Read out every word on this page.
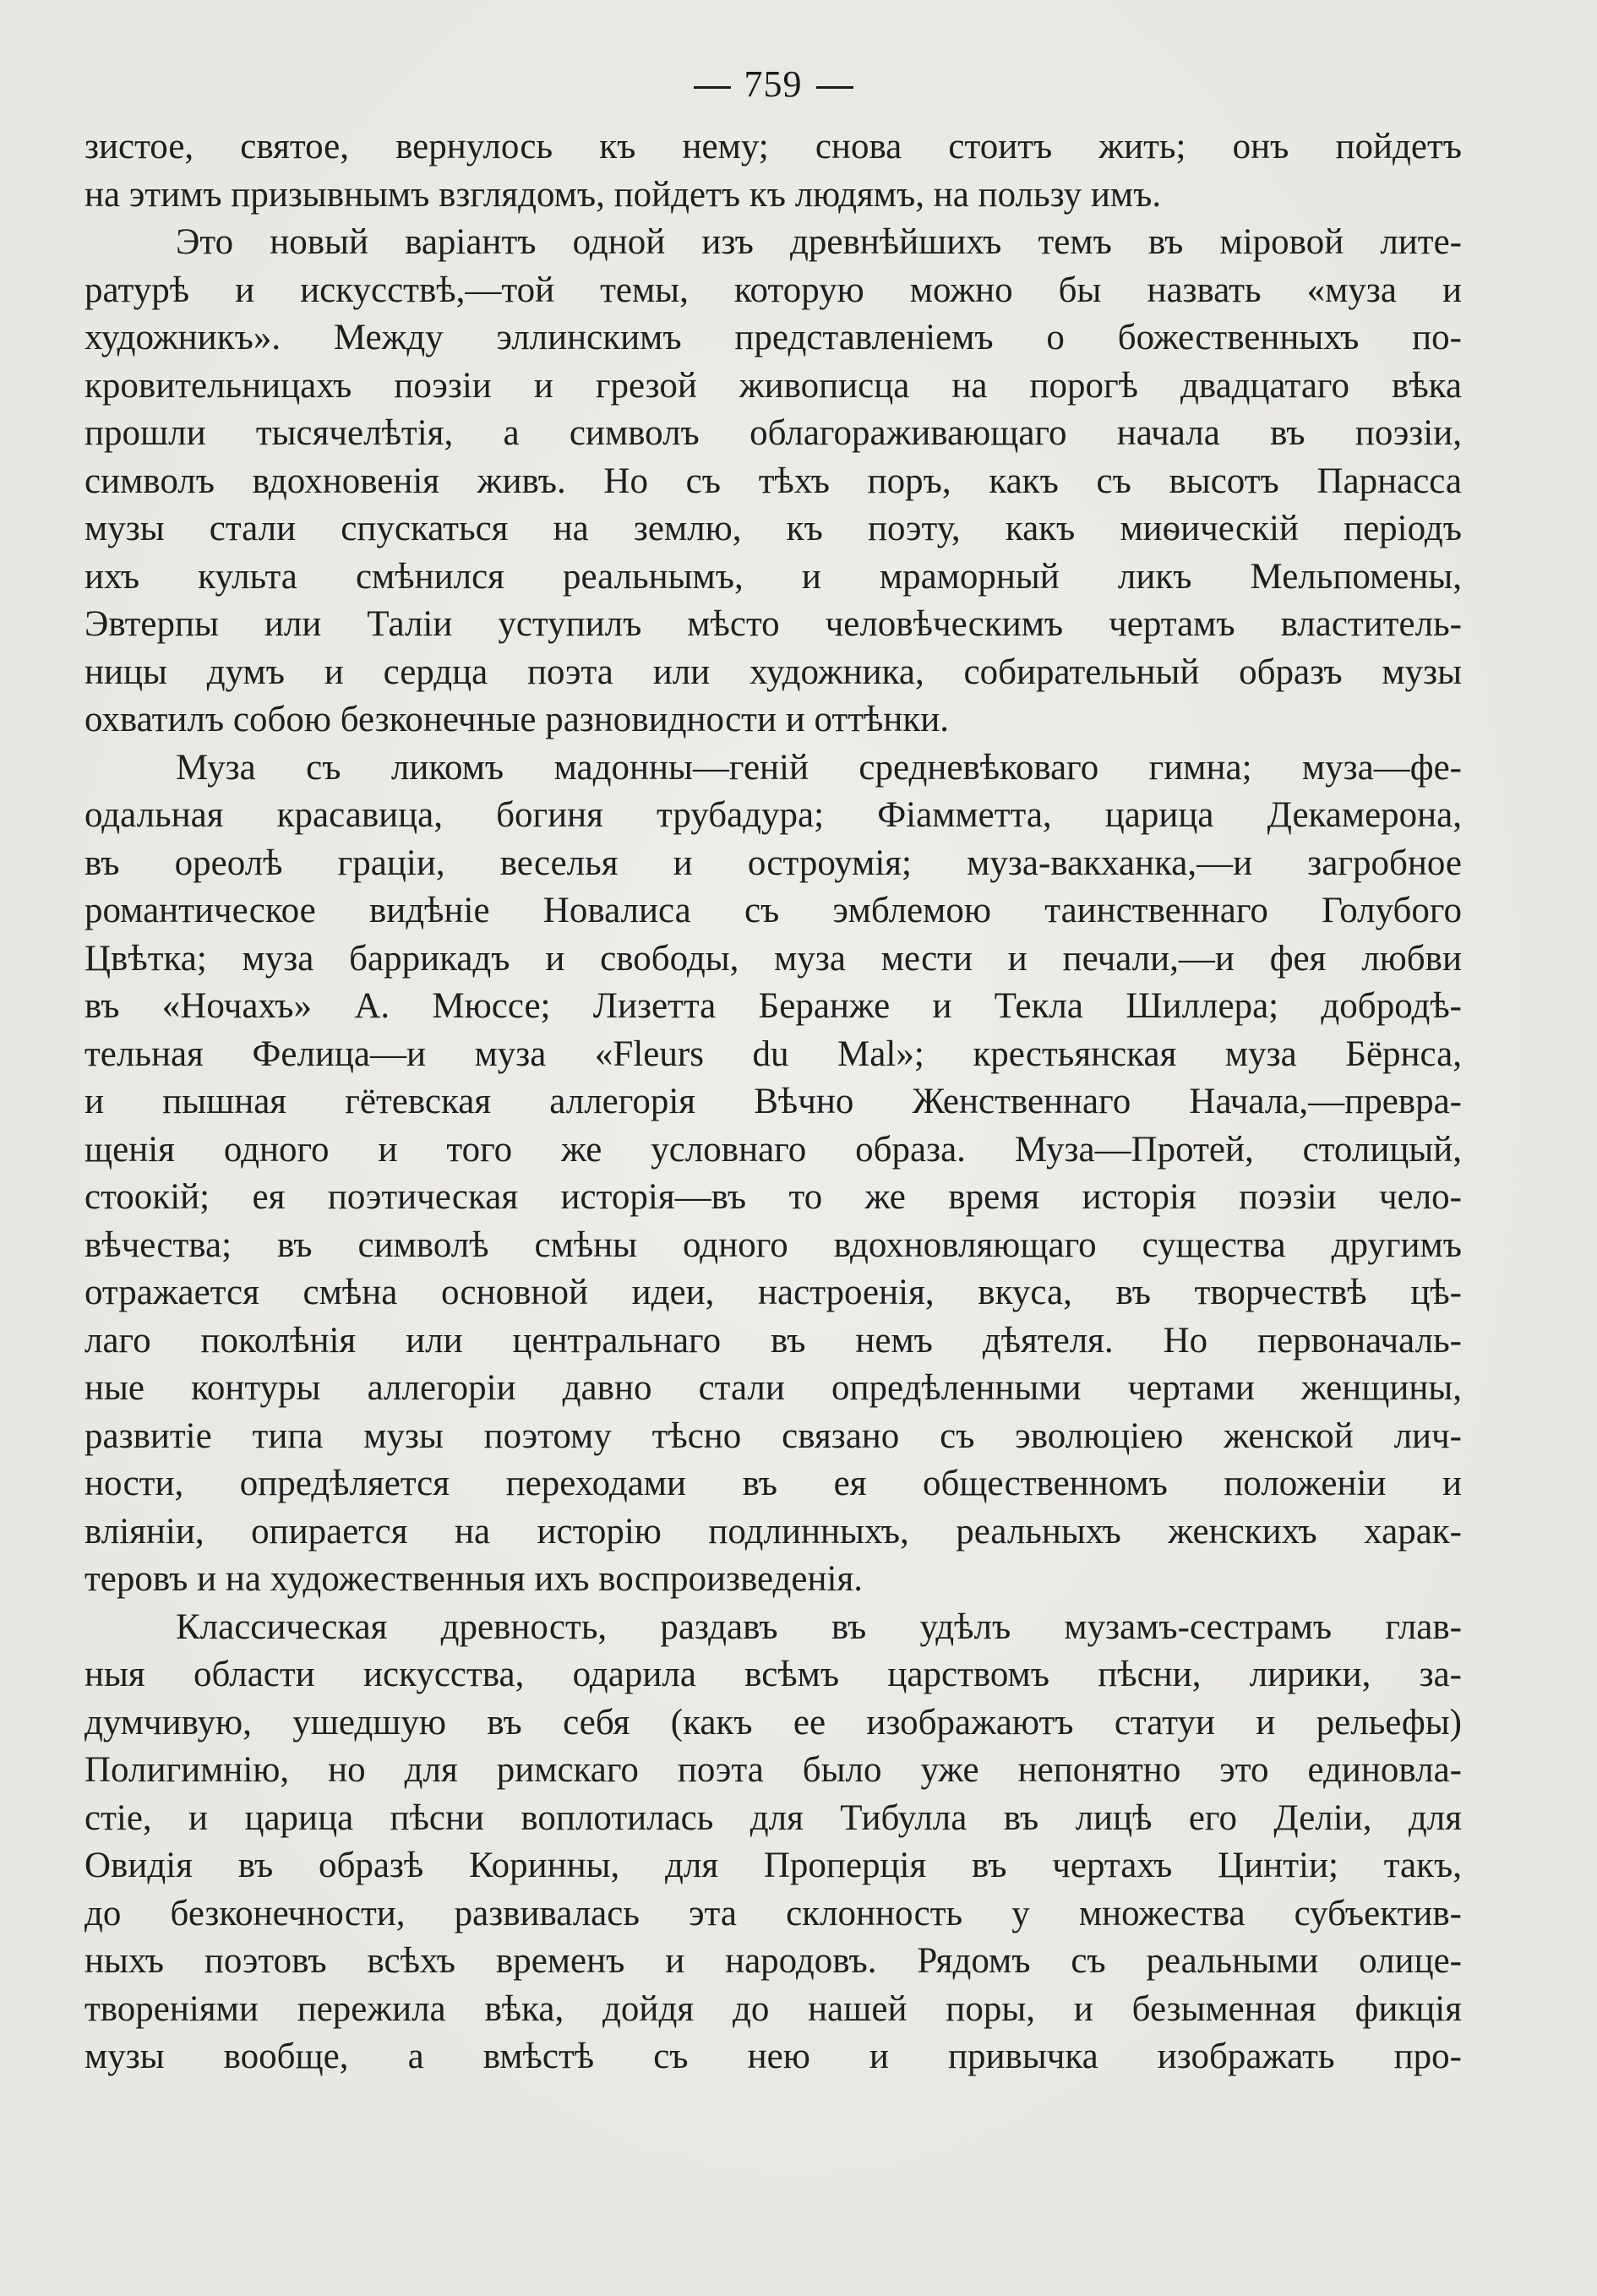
759
зистое, святое, вернулось къ нему; снова стоитъ жить; онъ пойдетъ
на этимъ призывнымъ взглядомъ, пойдетъ къ людямъ, на пользу имъ.
Это новый варіантъ одной изъ древнѣйшихъ темъ въ міровой лите-
ратурѣ и искусствѣ,—той темы, которую можно бы назвать «муза и
художникъ». Между эллинскимъ представленіемъ о божественныхъ по-
кровительницахъ поэзіи и грезой живописца на порогѣ двадцатаго вѣка
прошли тысячелѣтія, а символъ облагораживающаго начала въ поэзіи,
символъ вдохновенія живъ. Но съ тѣхъ поръ, какъ съ высотъ Парнасса
музы стали спускаться на землю, къ поэту, какъ миѳическій періодъ
ихъ культа смѣнился реальнымъ, и мраморный ликъ Мельпомены,
Эвтерпы или Таліи уступилъ мѣсто человѣческимъ чертамъ властитель-
ницы думъ и сердца поэта или художника, собирательный образъ музы
охватилъ собою безконечные разновидности и оттѣнки.
Муза съ ликомъ мадонны—геній средневѣковаго гимна; муза—фе-
одальная красавица, богиня трубадура; Фіамметта, царица Декамерона,
въ ореолѣ граціи, веселья и остроумія; муза-вакханка,—и загробное
романтическое видѣніе Новалиса съ эмблемою таинственнаго Голубого
Цвѣтка; муза баррикадъ и свободы, муза мести и печали,—и фея любви
въ «Ночахъ» А. Мюссе; Лизетта Беранже и Текла Шиллера; добродѣ-
тельная Фелица—и муза «Fleurs du Mal»; крестьянская муза Бёрнса,
и пышная гётевская аллегорія Вѣчно Женственнаго Начала,—превра-
щенія одного и того же условнаго образа. Муза—Протей, столицый,
стоокій; ея поэтическая исторія—въ то же время исторія поэзіи чело-
вѣчества; въ символѣ смѣны одного вдохновляющаго существа другимъ
отражается смѣна основной идеи, настроенія, вкуса, въ творчествѣ цѣ-
лаго поколѣнія или центральнаго въ немъ дѣятеля. Но первоначаль-
ные контуры аллегоріи давно стали опредѣленными чертами женщины,
развитіе типа музы поэтому тѣсно связано съ эволюціею женской лич-
ности, опредѣляется переходами въ ея общественномъ положеніи и
вліяніи, опирается на исторію подлинныхъ, реальныхъ женскихъ харак-
теровъ и на художественныя ихъ воспроизведенія.
Классическая древность, раздавъ въ удѣлъ музамъ-сестрамъ глав-
ныя области искусства, одарила всѣмъ царствомъ пѣсни, лирики, за-
думчивую, ушедшую въ себя (какъ ее изображаютъ статуи и рельефы)
Полигимнію, но для римскаго поэта было уже непонятно это единовла-
стіе, и царица пѣсни воплотилась для Тибулла въ лицѣ его Деліи, для
Овидія въ образѣ Коринны, для Проперція въ чертахъ Цинтіи; такъ,
до безконечности, развивалась эта склонность у множества субъектив-
ныхъ поэтовъ всѣхъ временъ и народовъ. Рядомъ съ реальными олице-
твореніями пережила вѣка, дойдя до нашей поры, и безыменная фикція
музы вообще, а вмѣстѣ съ нею и привычка изображать про-
